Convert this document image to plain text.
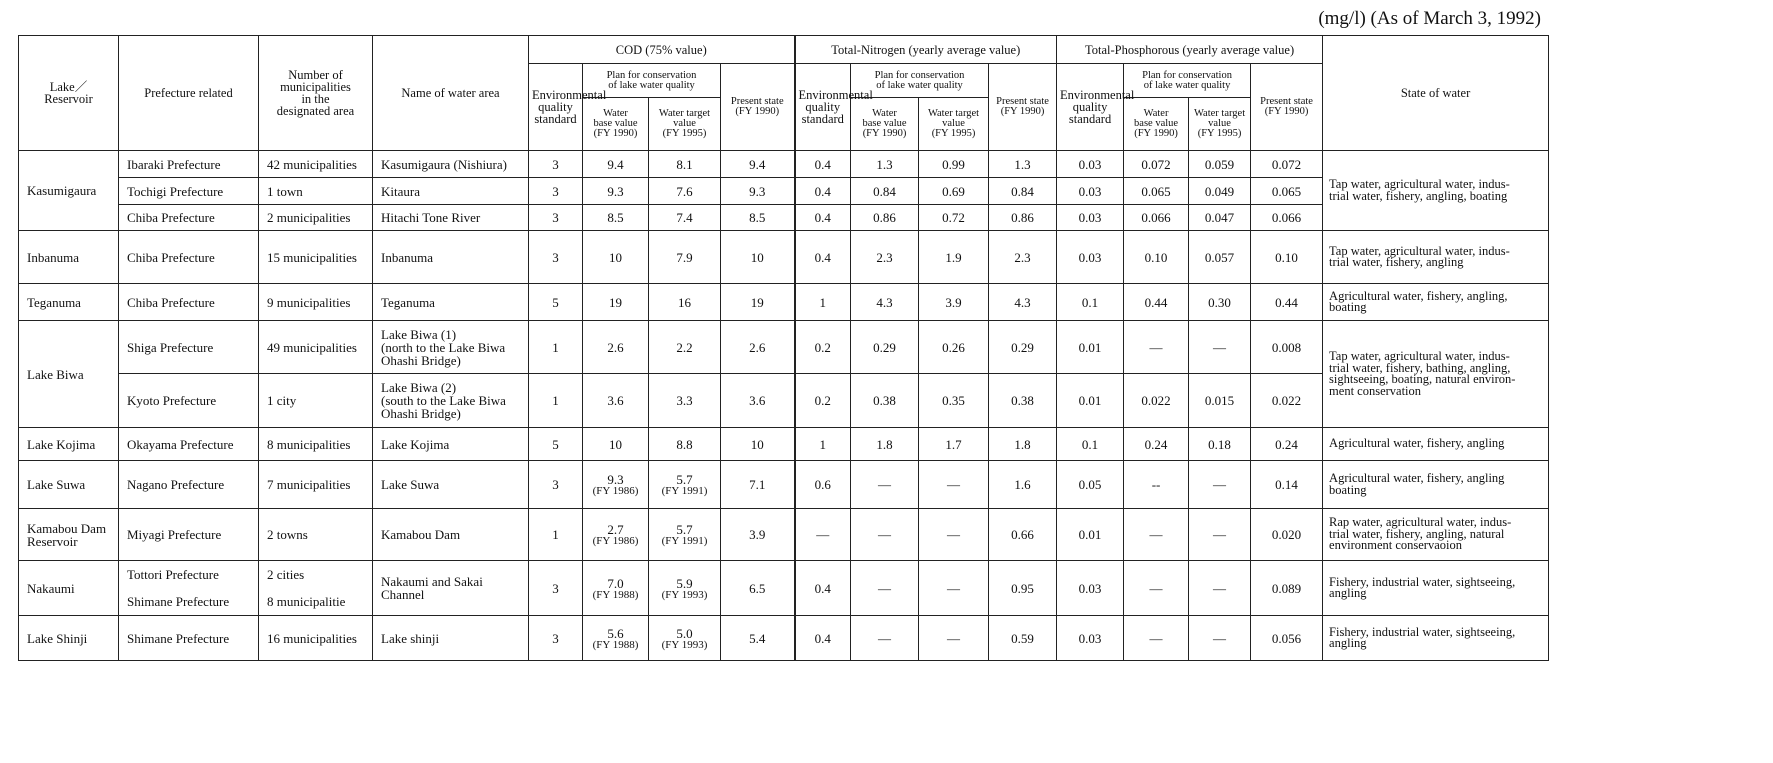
(mg/l) (As of March 3, 1992)
Lake／
Reservoir	Prefecture related	Number of
municipalities
in the
designated area	Name of water area	COD (75% value)				Total-Nitrogen (yearly average value)				Total-Phosphorous (yearly average value)				State of water
				Environmental
quality
standard	Plan for conservation
of lake water quality		Present state
(FY 1990)	Environmental
quality
standard	Plan for conservation
of lake water quality		Present state
(FY 1990)	Environmental
quality
standard	Plan for conservation
of lake water quality		Present state
(FY 1990)	
					Water
base value
(FY 1990)	Water target
value
(FY 1995)			Water
base value
(FY 1990)	Water target
value
(FY 1995)			Water
base value
(FY 1990)	Water target
value
(FY 1995)		
Kasumigaura	Ibaraki Prefecture	42 municipalities	Kasumigaura (Nishiura)	3	9.4	8.1	9.4	0.4	1.3	0.99	1.3	0.03	0.072	0.059	0.072	Tap water, agricultural water, indus-
trial water, fishery, angling, boating
	Tochigi Prefecture	1 town	Kitaura	3	9.3	7.6	9.3	0.4	0.84	0.69	0.84	0.03	0.065	0.049	0.065	
	Chiba Prefecture	2 municipalities	Hitachi Tone River	3	8.5	7.4	8.5	0.4	0.86	0.72	0.86	0.03	0.066	0.047	0.066	
Inbanuma	Chiba Prefecture	15 municipalities	Inbanuma	3	10	7.9	10	0.4	2.3	1.9	2.3	0.03	0.10	0.057	0.10	Tap water, agricultural water, indus-
trial water, fishery, angling
Teganuma	Chiba Prefecture	9 municipalities	Teganuma	5	19	16	19	1	4.3	3.9	4.3	0.1	0.44	0.30	0.44	Agricultural water, fishery, angling,
boating
Lake Biwa	Shiga Prefecture	49 municipalities	Lake Biwa (1)
(north to the Lake Biwa
Ohashi Bridge)	1	2.6	2.2	2.6	0.2	0.29	0.26	0.29	0.01	—	—	0.008	Tap water, agricultural water, indus-
trial water, fishery, bathing, angling,
sightseeing, boating, natural environ-
ment conservation
	Kyoto Prefecture	1 city	Lake Biwa (2)
(south to the Lake Biwa
Ohashi Bridge)	1	3.6	3.3	3.6	0.2	0.38	0.35	0.38	0.01	0.022	0.015	0.022	
Lake Kojima	Okayama Prefecture	8 municipalities	Lake Kojima	5	10	8.8	10	1	1.8	1.7	1.8	0.1	0.24	0.18	0.24	Agricultural water, fishery, angling
Lake Suwa	Nagano Prefecture	7 municipalities	Lake Suwa	3	9.3
(FY 1986)	5.7
(FY 1991)	7.1	0.6	—	—	1.6	0.05	--	—	0.14	Agricultural water, fishery, angling
boating
Kamabou Dam
Reservoir	Miyagi Prefecture	2 towns	Kamabou Dam	1	2.7
(FY 1986)	5.7
(FY 1991)	3.9	—	—	—	0.66	0.01	—	—	0.020	Rap water, agricultural water, indus-
trial water, fishery, angling, natural
environment conservaoion
Nakaumi	Tottori Prefecture
Shimane Prefecture	2 cities
8 municipalitie	Nakaumi and Sakai
Channel	3	7.0
(FY 1988)	5.9
(FY 1993)	6.5	0.4	—	—	0.95	0.03	—	—	0.089	Fishery, industrial water, sightseeing,
angling
Lake Shinji	Shimane Prefecture	16 municipalities	Lake shinji	3	5.6
(FY 1988)	5.0
(FY 1993)	5.4	0.4	—	—	0.59	0.03	—	—	0.056	Fishery, industrial water, sightseeing,
angling
